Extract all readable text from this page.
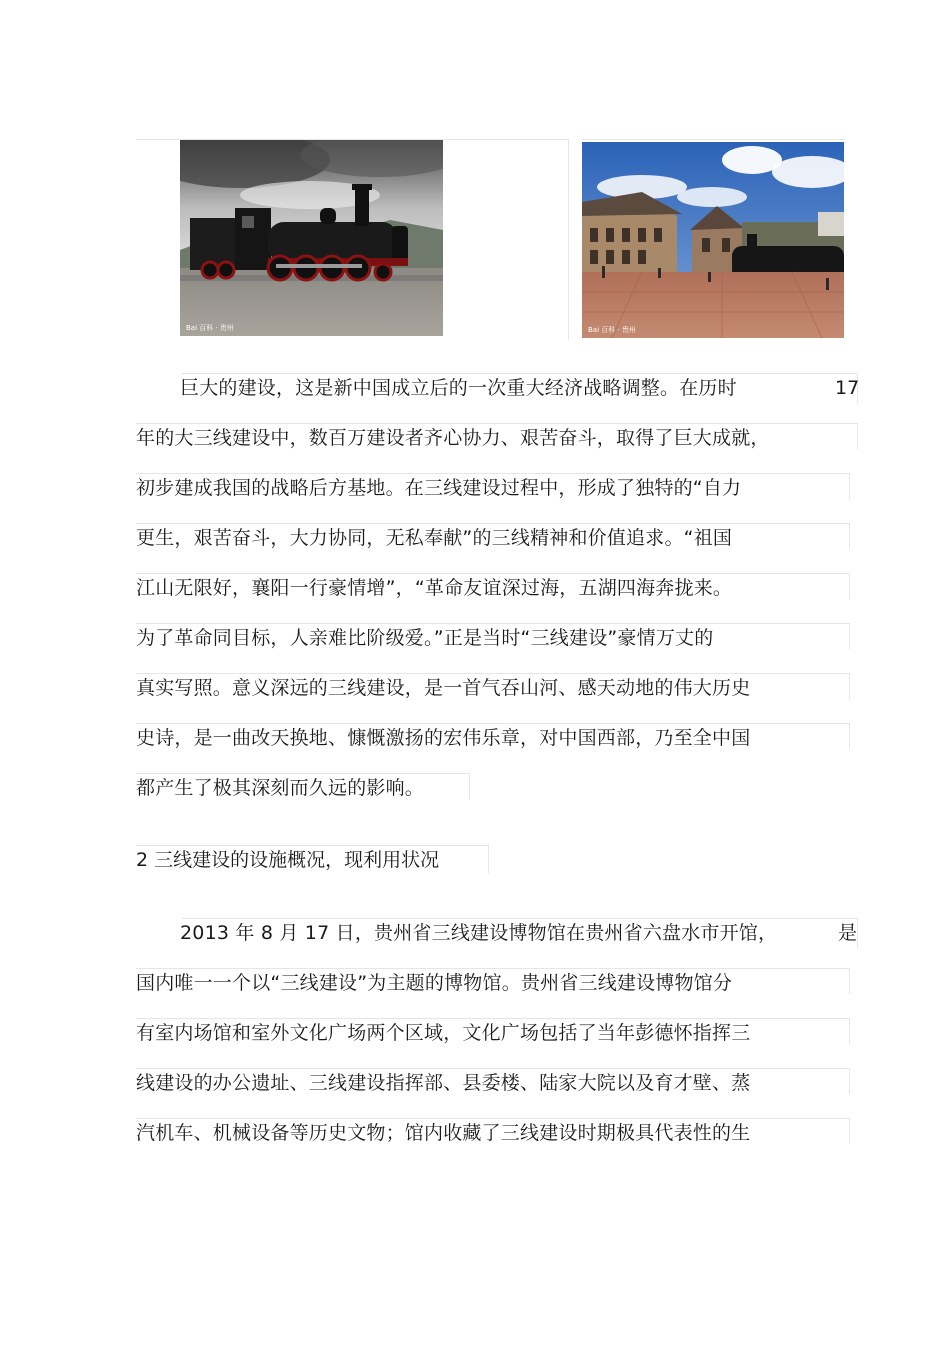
Bai 百科 · 贵州	Bai 百科 · 贵州
巨大的建设，这是新中国成立后的一次重大经济战略调整。在历时	17
年的大三线建设中，数百万建设者齐心协力、艰苦奋斗，取得了巨大成就，
初步建成我国的战略后方基地。在三线建设过程中，形成了独特的“自力
更生，艰苦奋斗，大力协同，无私奉献”的三线精神和价值追求。“祖国
江山无限好，襄阳一行豪情增”，“革命友谊深过海，五湖四海奔拢来。
为了革命同目标，人亲难比阶级爱。”正是当时“三线建设”豪情万丈的
真实写照。意义深远的三线建设，是一首气吞山河、感天动地的伟大历史
史诗，是一曲改天换地、慷慨激扬的宏伟乐章，对中国西部，乃至全中国
都产生了极其深刻而久远的影响。
2 三线建设的设施概况，现利用状况
2013 年 8 月 17 日，贵州省三线建设博物馆在贵州省六盘水市开馆，	是
国内唯一一个以“三线建设”为主题的博物馆。贵州省三线建设博物馆分
有室内场馆和室外文化广场两个区域，文化广场包括了当年彭德怀指挥三
线建设的办公遗址、三线建设指挥部、县委楼、陆家大院以及育才壁、蒸
汽机车、机械设备等历史文物；馆内收藏了三线建设时期极具代表性的生
